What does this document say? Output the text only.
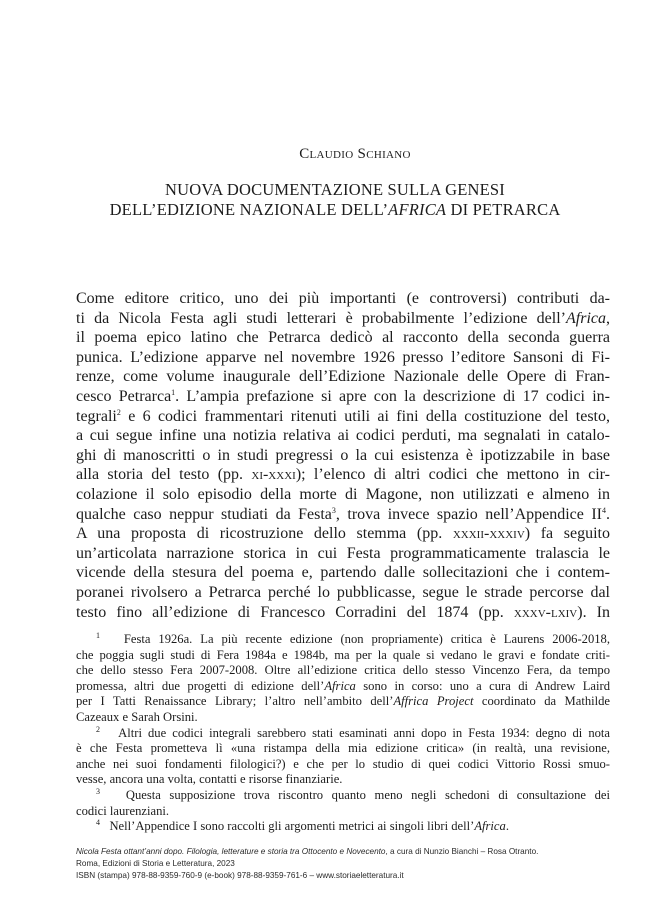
Claudio Schiano
NUOVA DOCUMENTAZIONE SULLA GENESI
DELL’EDIZIONE NAZIONALE DELL’AFRICA DI PETRARCA
Come editore critico, uno dei più importanti (e controversi) contributi da-
ti da Nicola Festa agli studi letterari è probabilmente l’edizione dell’Africa,
il poema epico latino che Petrarca dedicò al racconto della seconda guerra
punica. L’edizione apparve nel novembre 1926 presso l’editore Sansoni di Fi-
renze, come volume inaugurale dell’Edizione Nazionale delle Opere di Fran-
cesco Petrarca$^1$. L’ampia prefazione si apre con la descrizione di 17 codici in-
tegrali$^2$ e 6 codici frammentari ritenuti utili ai fini della costituzione del testo,
a cui segue infine una notizia relativa ai codici perduti, ma segnalati in catalo-
ghi di manoscritti o in studi pregressi o la cui esistenza è ipotizzabile in base
alla storia del testo (pp. xi-xxxi); l’elenco di altri codici che mettono in cir-
colazione il solo episodio della morte di Magone, non utilizzati e almeno in
qualche caso neppur studiati da Festa$^3$, trova invece spazio nell’Appendice $II^4$.
A una proposta di ricostruzione dello stemma (pp. xxxii-xxxiv) fa seguito
un’articolata narrazione storica in cui Festa programmaticamente tralascia le
vicende della stesura del poema e, partendo dalle sollecitazioni che i contem-
poranei rivolsero a Petrarca perché lo pubblicasse, segue le strade percorse dal
testo fino all’edizione di Francesco Corradini del 1874 (pp. xxxv-lxiv). In
$^1$ Festa 1926a. La più recente edizione (non propriamente) critica è Laurens 2006-2018,
che poggia sugli studi di Fera 1984a e 1984b, ma per la quale si vedano le gravi e fondate criti-
che dello stesso Fera 2007-2008. Oltre all’edizione critica dello stesso Vincenzo Fera, da tempo
promessa, altri due progetti di edizione dell’Africa sono in corso: uno a cura di Andrew Laird
per I Tatti Renaissance Library; l’altro nell’ambito dell’Affrica Project coordinato da Mathilde
Cazeaux e Sarah Orsini.
$^2$ Altri due codici integrali sarebbero stati esaminati anni dopo in Festa 1934: degno di nota
è che Festa prometteva lì «una ristampa della mia edizione critica» (in realtà, una revisione,
anche nei suoi fondamenti filologici?) e che per lo studio di quei codici Vittorio Rossi smuo-
vesse, ancora una volta, contatti e risorse finanziarie.
$^3$ Questa supposizione trova riscontro quanto meno negli schedoni di consultazione dei
codici laurenziani.
$^4$ Nell’Appendice I sono raccolti gli argomenti metrici ai singoli libri dell’Africa.
Nicola Festa ottant’anni dopo. Filologia, letterature e storia tra Ottocento e Novecento, a cura di Nunzio Bianchi – Rosa Otranto.
Roma, Edizioni di Storia e Letteratura, 2023
ISBN (stampa) 978-88-9359-760-9 (e-book) 978-88-9359-761-6 – www.storiaeletteratura.it
